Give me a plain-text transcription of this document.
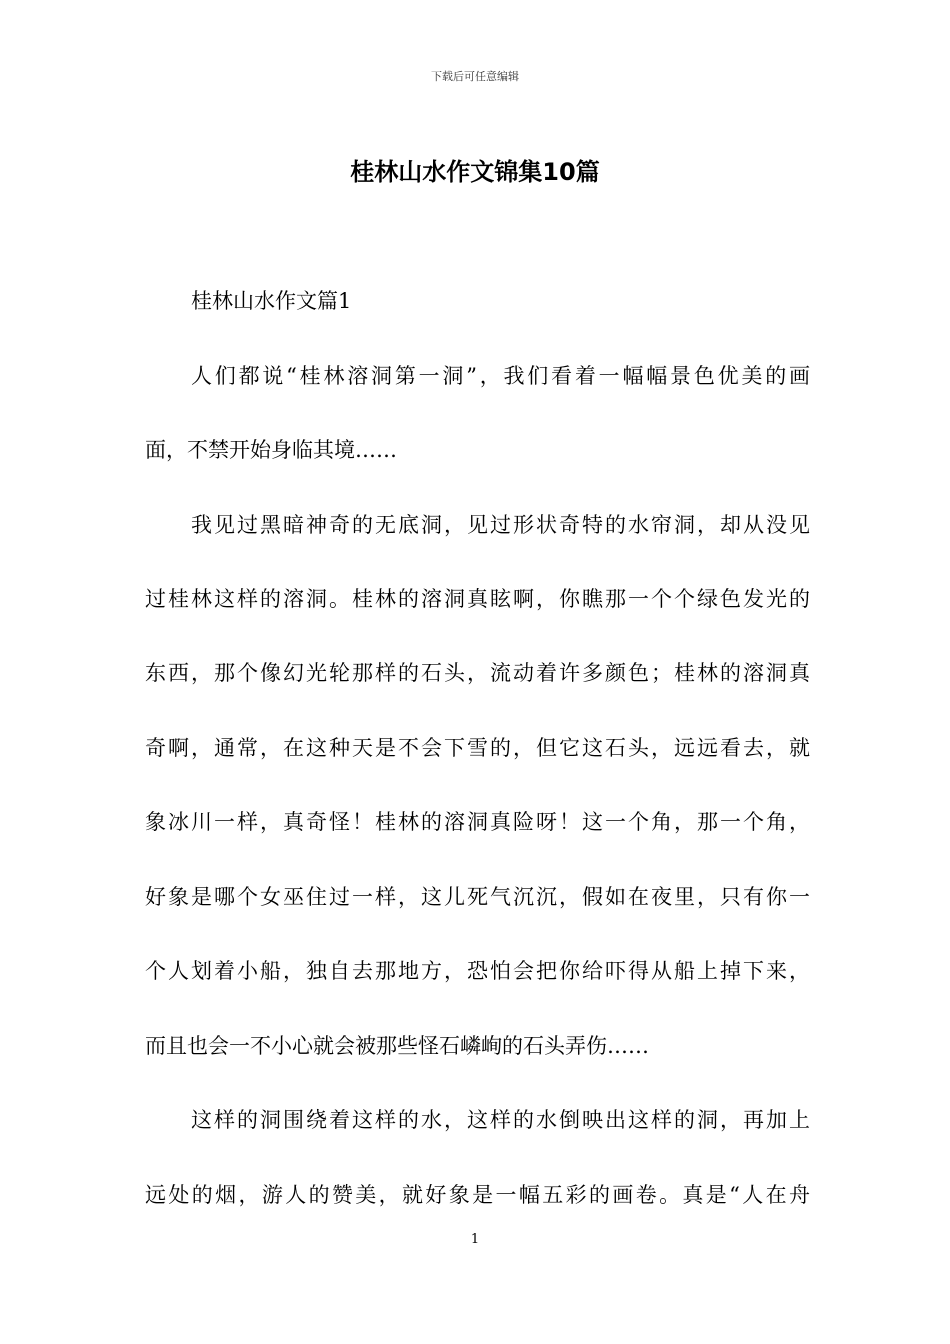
下载后可任意编辑
桂林山水作文锦集10篇
桂林山水作文篇1
人们都说“桂林溶洞第一洞”，我们看着一幅幅景色优美的画
面，不禁开始身临其境……
我见过黑暗神奇的无底洞，见过形状奇特的水帘洞，却从没见
过桂林这样的溶洞。桂林的溶洞真眩啊，你瞧那一个个绿色发光的
东西，那个像幻光轮那样的石头，流动着许多颜色；桂林的溶洞真
奇啊，通常，在这种天是不会下雪的，但它这石头，远远看去，就
象冰川一样，真奇怪！桂林的溶洞真险呀！这一个角，那一个角，
好象是哪个女巫住过一样，这儿死气沉沉，假如在夜里，只有你一
个人划着小船，独自去那地方，恐怕会把你给吓得从船上掉下来，
而且也会一不小心就会被那些怪石嶙峋的石头弄伤……
这样的洞围绕着这样的水，这样的水倒映出这样的洞，再加上
远处的烟，游人的赞美，就好象是一幅五彩的画卷。真是“人在舟
1
